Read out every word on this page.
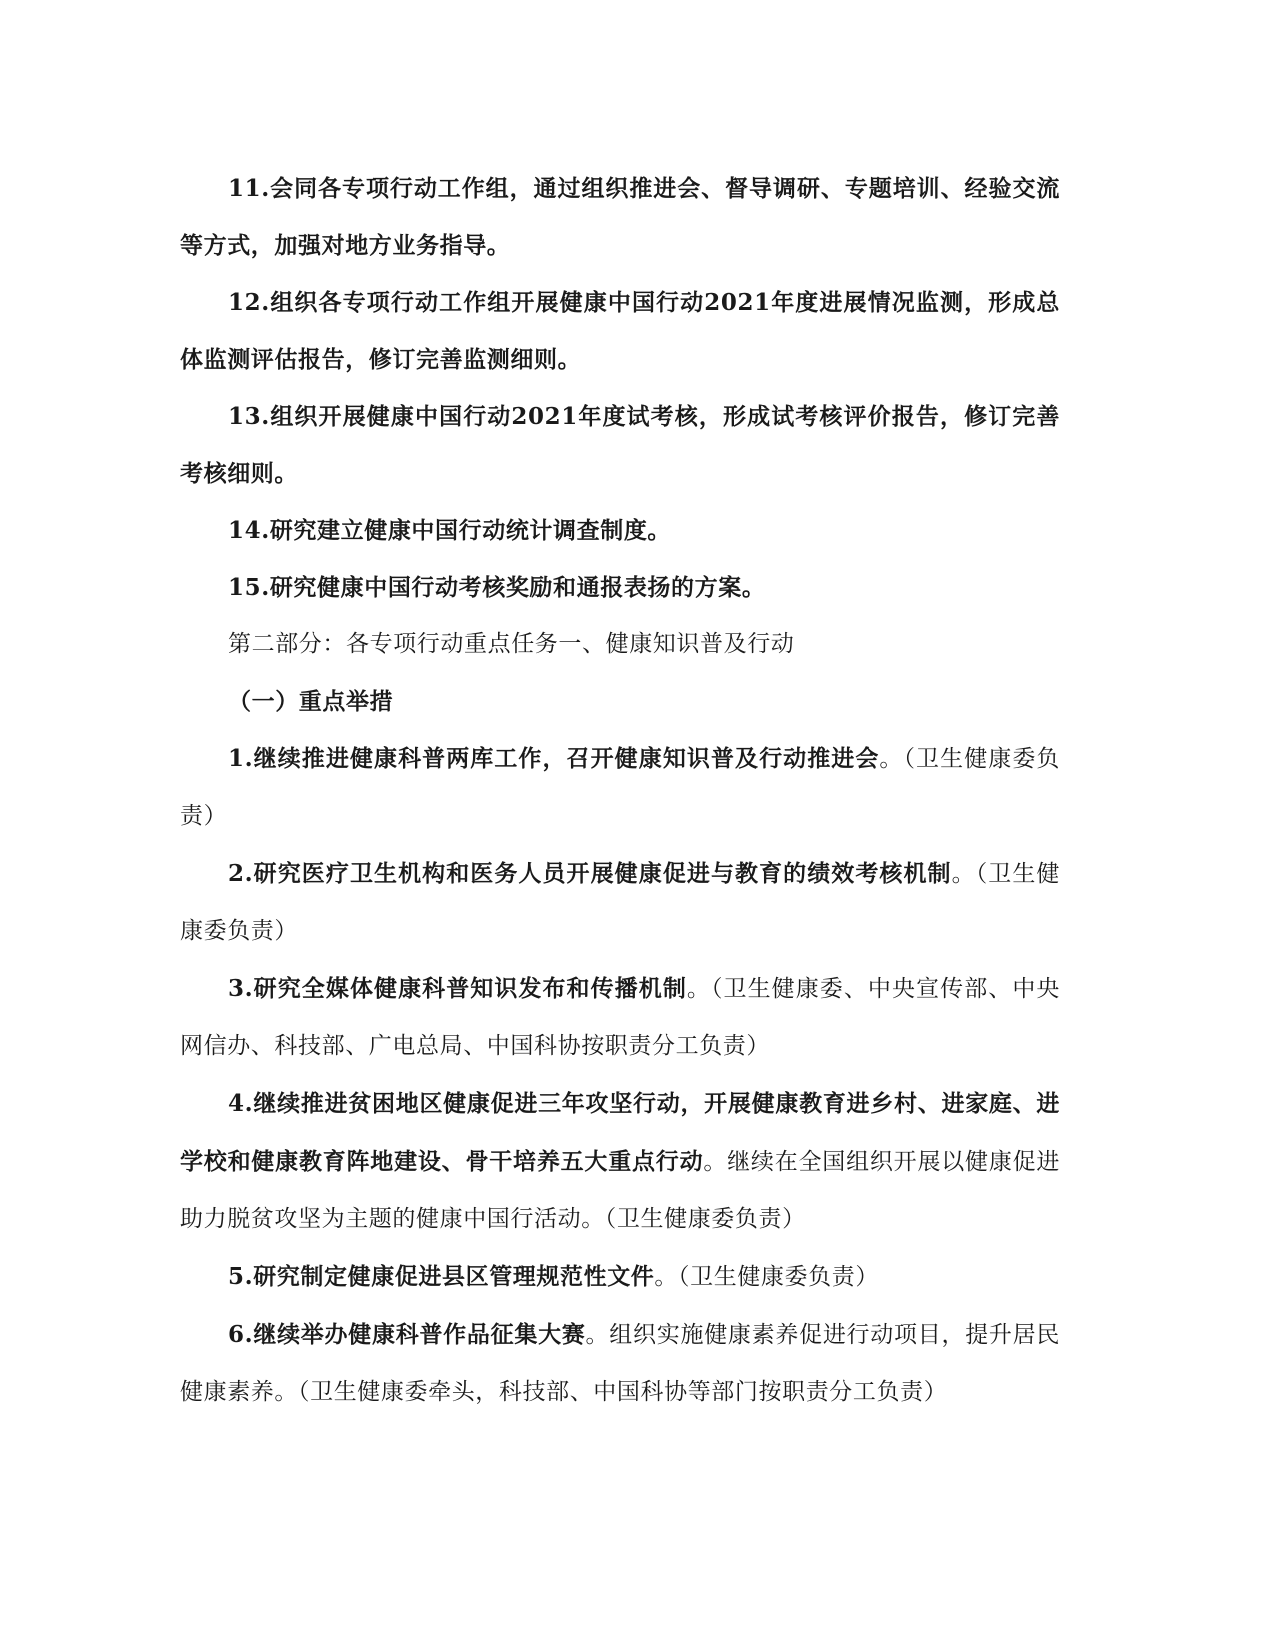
11.会同各专项行动工作组，通过组织推进会、督导调研、专题培训、经验交流等方式，加强对地方业务指导。

12.组织各专项行动工作组开展健康中国行动2021年度进展情况监测，形成总体监测评估报告，修订完善监测细则。

13.组织开展健康中国行动2021年度试考核，形成试考核评价报告，修订完善考核细则。

14.研究建立健康中国行动统计调查制度。

15.研究健康中国行动考核奖励和通报表扬的方案。

第二部分：各专项行动重点任务一、健康知识普及行动

（一）重点举措

1.继续推进健康科普两库工作，召开健康知识普及行动推进会。（卫生健康委负责）

2.研究医疗卫生机构和医务人员开展健康促进与教育的绩效考核机制。（卫生健康委负责）

3.研究全媒体健康科普知识发布和传播机制。（卫生健康委、中央宣传部、中央网信办、科技部、广电总局、中国科协按职责分工负责）

4.继续推进贫困地区健康促进三年攻坚行动，开展健康教育进乡村、进家庭、进学校和健康教育阵地建设、骨干培养五大重点行动。继续在全国组织开展以健康促进助力脱贫攻坚为主题的健康中国行活动。（卫生健康委负责）

5.研究制定健康促进县区管理规范性文件。（卫生健康委负责）

6.继续举办健康科普作品征集大赛。组织实施健康素养促进行动项目，提升居民健康素养。（卫生健康委牵头，科技部、中国科协等部门按职责分工负责）
